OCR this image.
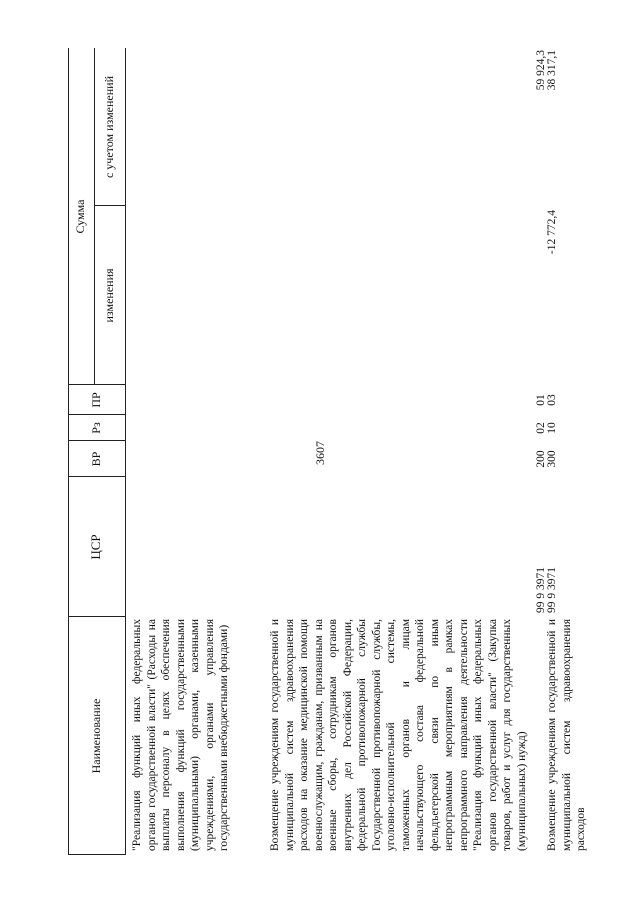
3607
Наименование
ЦСР
ВР
Рз
ПР
Сумма
изменения
с учетом изменений
"Реализация функций иных федеральных органов государственной власти" (Расходы на выплаты персоналу в целях обеспечения выполнения функций государственными (муниципальными) органами, казенными учреждениями, органами управления государственными внебюджетными фондами)	Возмещение учреждениям государственной и муниципальной систем здравоохранения расходов на оказание медицинской помощи военнослужащим, гражданам, призванным на военные сборы, сотрудникам органов внутренних дел Российской Федерации, федеральной противопожарной службы Государственной противопожарной службы, уголовно-исполнительной системы, таможенных органов и лицам начальствующего состава федеральной фельдъегерской связи по иным непрограммным мероприятиям в рамках непрограммного направления деятельности "Реализация функций иных федеральных органов государственной власти" (Закупка товаров, работ и услуг для государственных (муниципальных) нужд)
99 9 3971
200
02
01
59 924,3
Возмещение учреждениям государственной и муниципальной систем здравоохранения расходов
99 9 3971
300
10
03
-12 772,4
38 317,1
